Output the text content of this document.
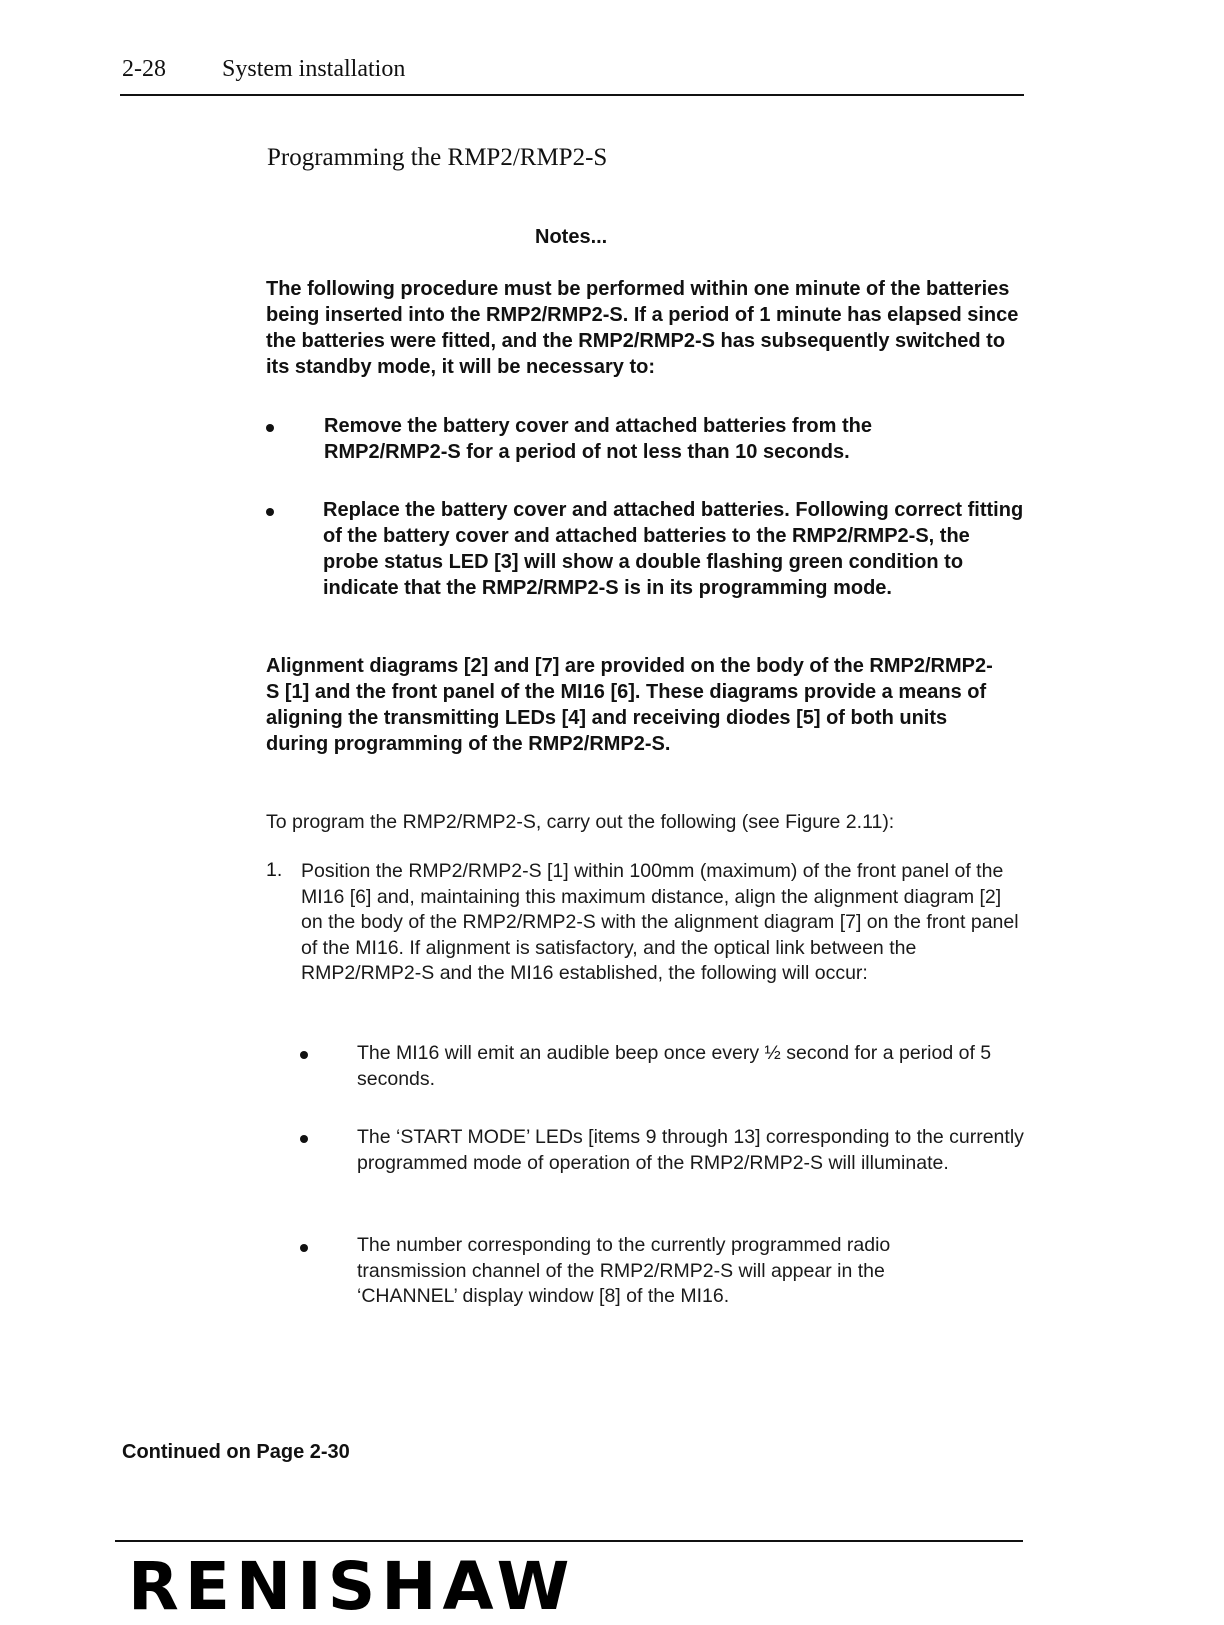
2-28 System installation
Programming the RMP2/RMP2-S
Notes...
The following procedure must be performed within one minute of the batteries being inserted into the RMP2/RMP2-S. If a period of 1 minute has elapsed since the batteries were fitted, and the RMP2/RMP2-S has subsequently switched to its standby mode, it will be necessary to:
Remove the battery cover and attached batteries from the RMP2/RMP2-S for a period of not less than 10 seconds.
Replace the battery cover and attached batteries. Following correct fitting of the battery cover and attached batteries to the RMP2/RMP2-S, the probe status LED [3] will show a double flashing green condition to indicate that the RMP2/RMP2-S is in its programming mode.
Alignment diagrams [2] and [7] are provided on the body of the RMP2/RMP2-S [1] and the front panel of the MI16 [6]. These diagrams provide a means of aligning the transmitting LEDs [4] and receiving diodes [5] of both units during programming of the RMP2/RMP2-S.
To program the RMP2/RMP2-S, carry out the following (see Figure 2.11):
1. Position the RMP2/RMP2-S [1] within 100mm (maximum) of the front panel of the MI16 [6] and, maintaining this maximum distance, align the alignment diagram [2] on the body of the RMP2/RMP2-S with the alignment diagram [7] on the front panel of the MI16. If alignment is satisfactory, and the optical link between the RMP2/RMP2-S and the MI16 established, the following will occur:
The MI16 will emit an audible beep once every ½ second for a period of 5 seconds.
The ‘START MODE’ LEDs [items 9 through 13] corresponding to the currently programmed mode of operation of the RMP2/RMP2-S will illuminate.
The number corresponding to the currently programmed radio transmission channel of the RMP2/RMP2-S will appear in the ‘CHANNEL’ display window [8] of the MI16.
Continued on Page 2-30
RENISHAW
